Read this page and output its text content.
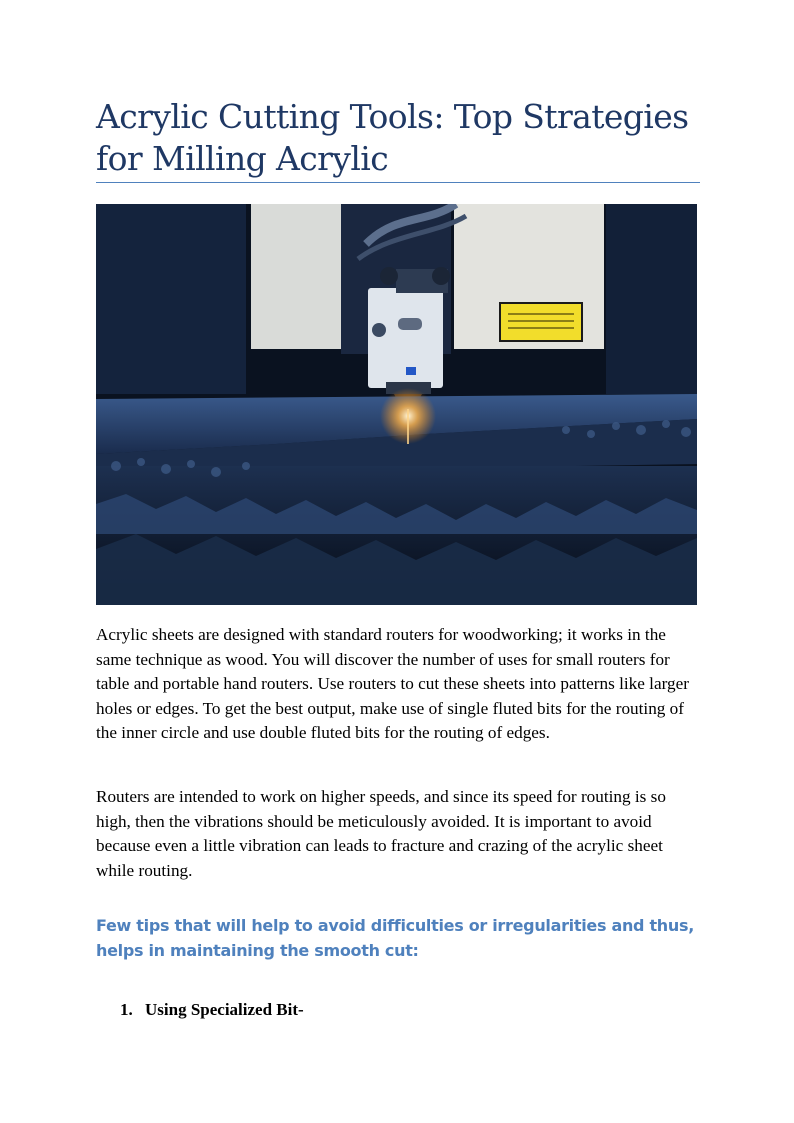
Acrylic Cutting Tools: Top Strategies for Milling Acrylic

Acrylic sheets are designed with standard routers for woodworking; it works in the same technique as wood. You will discover the number of uses for small routers for table and portable hand routers. Use routers to cut these sheets into patterns like larger holes or edges. To get the best output, make use of single fluted bits for the routing of the inner circle and use double fluted bits for the routing of edges.

Routers are intended to work on higher speeds, and since its speed for routing is so high, then the vibrations should be meticulously avoided. It is important to avoid because even a little vibration can leads to fracture and crazing of the acrylic sheet while routing.

Few tips that will help to avoid difficulties or irregularities and thus, helps in maintaining the smooth cut:

1. Using Specialized Bit-
